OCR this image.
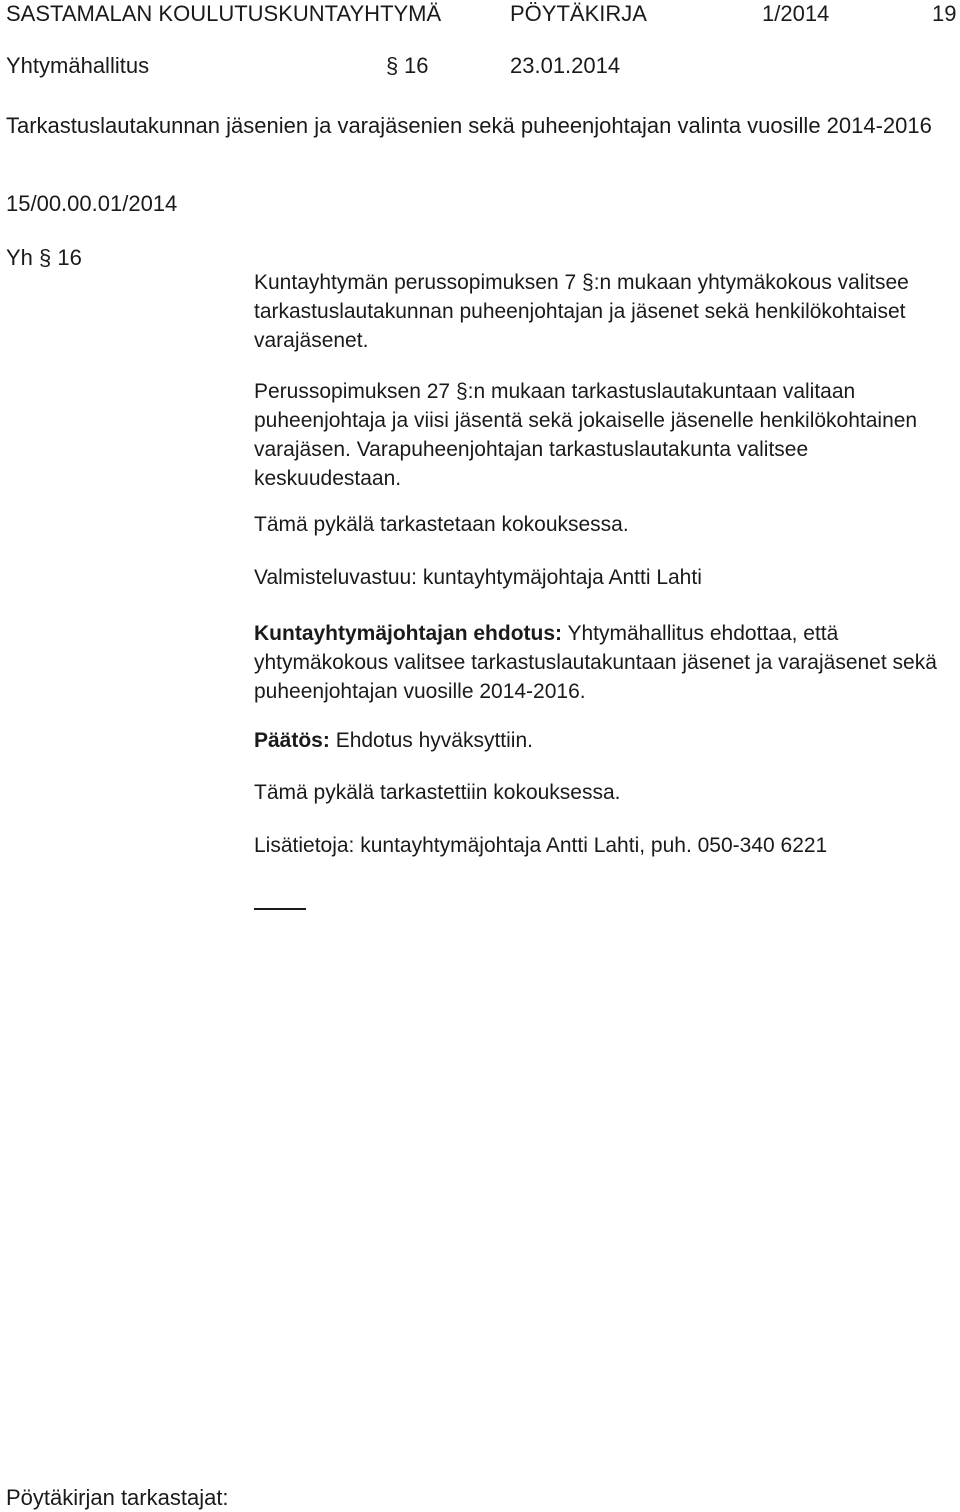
SASTAMALAN KOULUTUSKUNTAYHTYMÄ	PÖYTÄKIRJA	1/2014	19
Yhtymähallitus	§ 16	23.01.2014
Tarkastuslautakunnan jäsenien ja varajäsenien sekä puheenjohtajan valinta vuosille 2014-2016
15/00.00.01/2014
Yh § 16

Kuntayhtymän perussopimuksen 7 §:n mukaan yhtymäkokous valitsee tarkastuslautakunnan puheenjohtajan ja jäsenet sekä henkilökohtaiset varajäsenet.

Perussopimuksen 27 §:n mukaan tarkastuslautakuntaan valitaan puheenjohtaja ja viisi jäsentä sekä jokaiselle jäsenelle henkilökohtainen varajäsen. Varapuheenjohtajan tarkastuslautakunta valitsee keskuudestaan.

Tämä pykälä tarkastetaan kokouksessa.
Valmisteluvastuu: kuntayhtymäjohtaja Antti Lahti

Kuntayhtymäjohtajan ehdotus: Yhtymähallitus ehdottaa, että yhtymäkokous valitsee tarkastuslautakuntaan jäsenet ja varajäsenet sekä puheenjohtajan vuosille 2014-2016.

Päätös: Ehdotus hyväksyttiin.

Tämä pykälä tarkastettiin kokouksessa.
Lisätietoja: kuntayhtymäjohtaja Antti Lahti, puh. 050-340 6221
Pöytäkirjan tarkastajat:
